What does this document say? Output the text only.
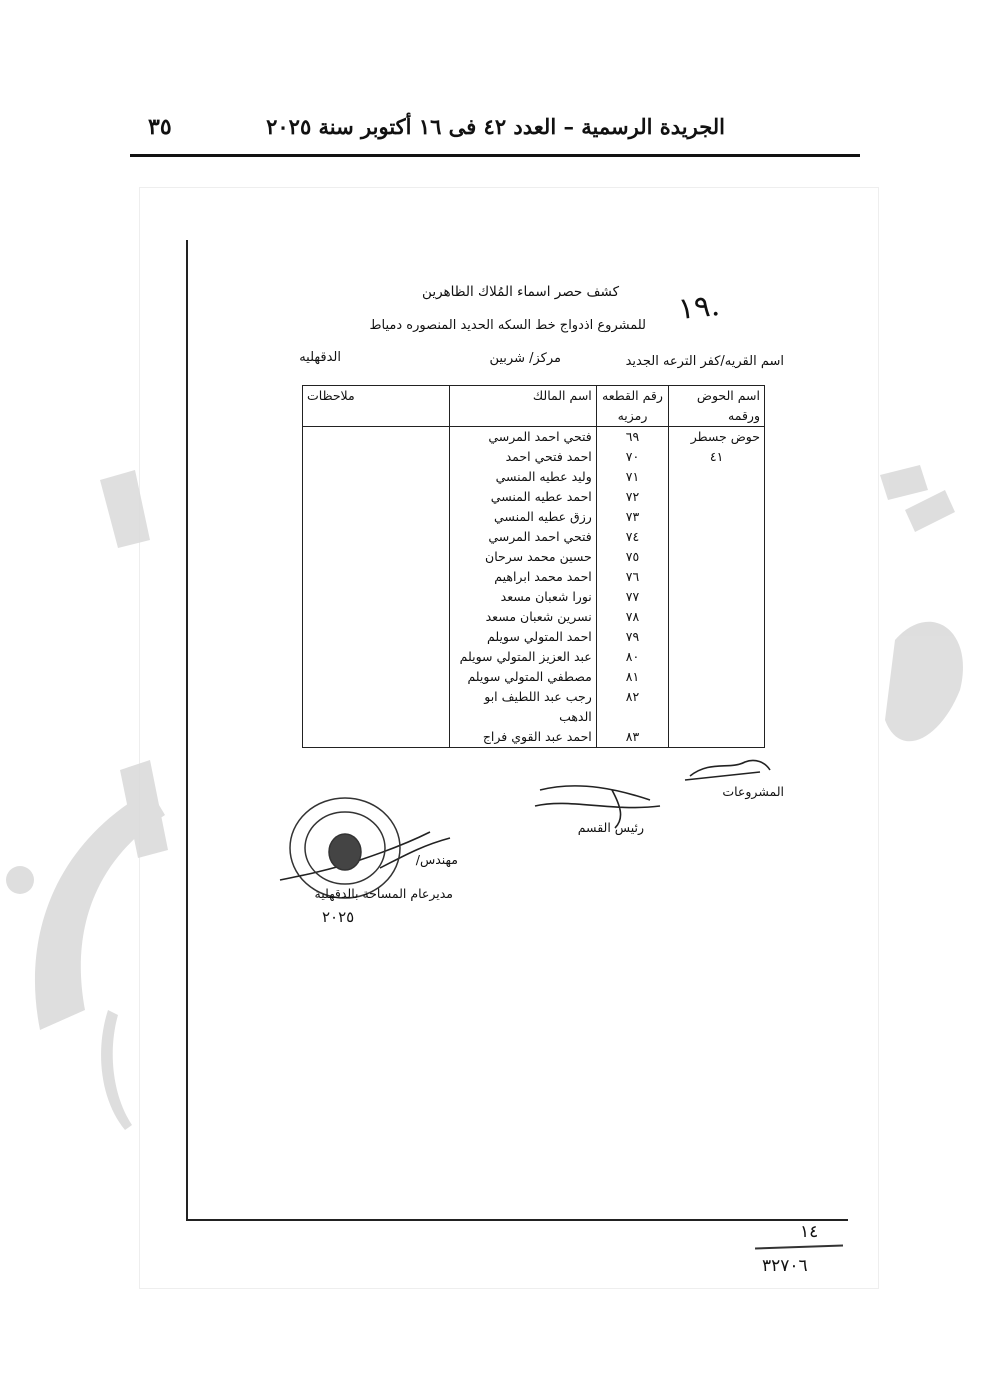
الجريدة الرسمية – العدد ٤٢ فى ١٦ أكتوبر سنة ٢٠٢٥
٣٥
كشف حصر اسماء المُلاك الظاهرين
للمشروع اذدواج خط السكه الحديد المنصوره دمياط ١٩.
اسم القريه/كفر الترعه الجديد
مركز/ شربين
الدقهليه
اسم الحوض ورقمه	رقم القطعه رمزيه	اسم المالك	ملاحظات
حوض جسطر	٦٩	فتحي احمد المرسي	
٤١	٧٠	احمد فتحي احمد	
	٧١	وليد عطيه المنسي	
	٧٢	احمد عطيه المنسي	
	٧٣	رزق عطيه المنسي	
	٧٤	فتحي احمد المرسي	
	٧٥	حسين محمد سرحان	
	٧٦	احمد محمد ابراهيم	
	٧٧	نورا شعبان مسعد	
	٧٨	نسرين شعبان مسعد	
	٧٩	احمد المتولي سويلم	
	٨٠	عبد العزيز المتولي سويلم	
	٨١	مصطفي المتولي سويلم	
	٨٢	رجب عبد اللطيف ابو الدهب	
	٨٣	احمد عبد القوي فراج	
المشروعات
رئيس القسم
مهندس/
مديرعام المساحة بالدقهلية
٢٠٢٥
١٤
٣٢٧٠٦
